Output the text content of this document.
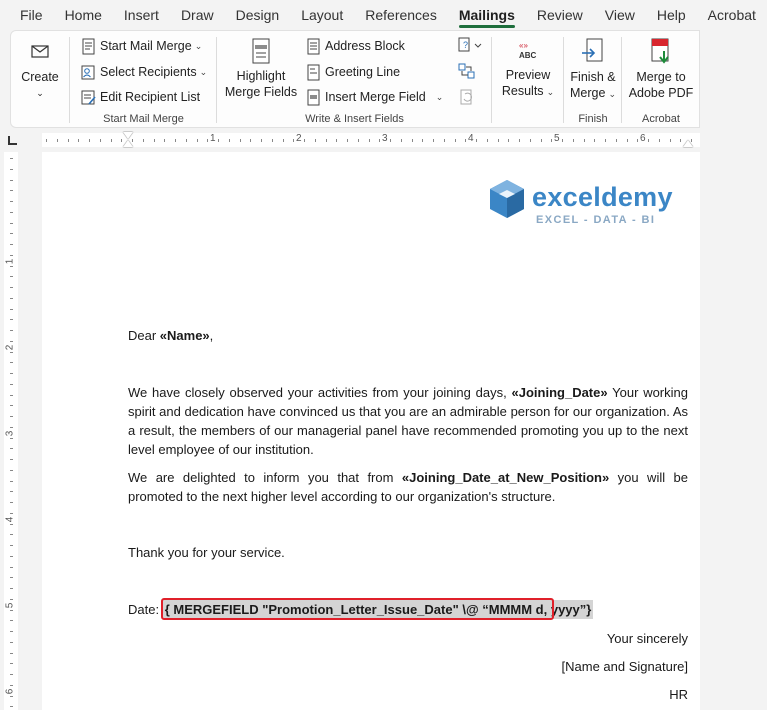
File	Home	Insert	Draw	Design	Layout	References	Mailings	Review	View	Help	Acrobat
Create
⌄
Start Mail Merge ⌄
Select Recipients ⌄
Edit Recipient List
Start Mail Merge
Highlight
Merge Fields
Address Block
Greeting Line
Insert Merge Field ⌄
?
Write & Insert Fields
ABC
«»
Preview
Results ⌄
Finish &
Merge ⌄
Finish
Merge to
Adobe PDF
Acrobat
1	2	3	4	5	6
1
2
3
4
5
6
exceldemy
EXCEL - DATA - BI
Dear «Name»,
We have closely observed your activities from your joining days, «Joining_Date» Your working spirit and dedication have convinced us that you are an admirable person for our organization. As a result, the members of our managerial panel have recommended promoting you up to the next level employee of our institution.
We are delighted to inform you that from «Joining_Date_at_New_Position» you will be promoted to the next higher level according to our organization's structure.
Thank you for your service.
Date: { MERGEFIELD "Promotion_Letter_Issue_Date" \@ “MMMM d, yyyy”}
Your sincerely
[Name and Signature]
HR
